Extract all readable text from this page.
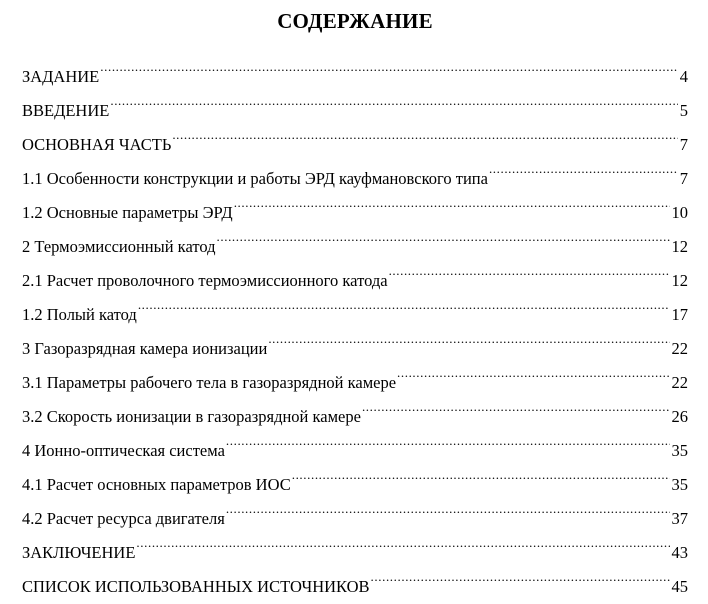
СОДЕРЖАНИЕ
ЗАДАНИЕ .....	4
ВВЕДЕНИЕ .....	5
ОСНОВНАЯ ЧАСТЬ .....	7
1.1 Особенности конструкции и работы ЭРД кауфмановского типа .....	7
1.2 Основные параметры ЭРД .....	10
2 Термоэмиссионный катод .....	12
2.1 Расчет проволочного термоэмиссионного катода .....	12
1.2 Полый катод .....	17
3 Газоразрядная камера ионизации .....	22
3.1 Параметры рабочего тела в газоразрядной камере .....	22
3.2 Скорость ионизации в газоразрядной камере .....	26
4 Ионно-оптическая система .....	35
4.1 Расчет основных параметров ИОС .....	35
4.2 Расчет ресурса двигателя .....	37
ЗАКЛЮЧЕНИЕ .....	43
СПИСОК ИСПОЛЬЗОВАННЫХ ИСТОЧНИКОВ .....	45
